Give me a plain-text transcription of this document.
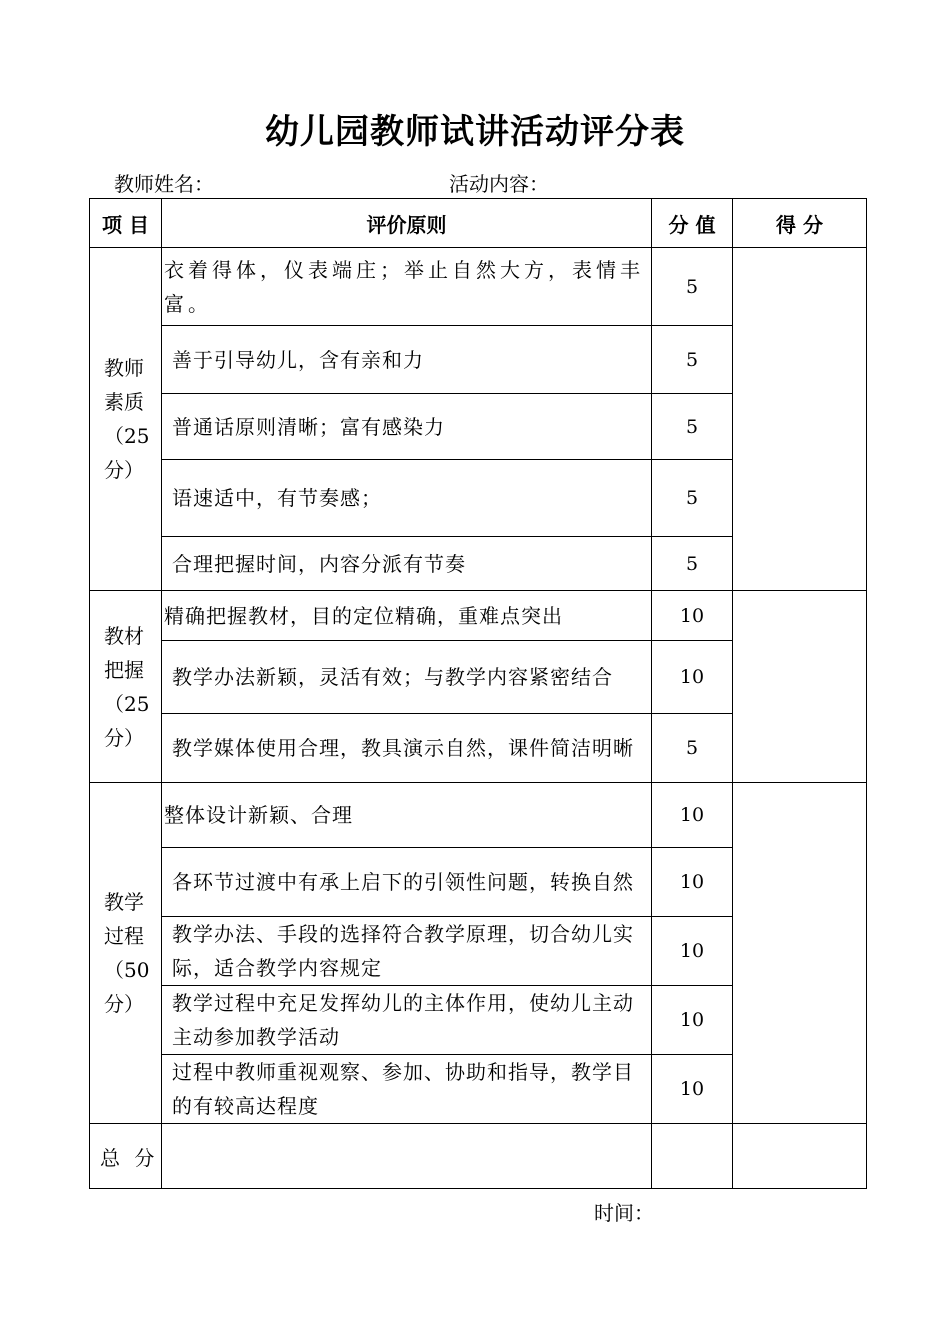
幼儿园教师试讲活动评分表
教师姓名：	活动内容：
项 目	评价原则	分 值	得 分

教师
素质
（25
分）	衣着得体，仪表端庄；举止自然大方，表情丰富。	5	
	善于引导幼儿，含有亲和力	5	
	普通话原则清晰；富有感染力	5	
	语速适中，有节奏感；	5	
	合理把握时间，内容分派有节奏	5	

教材
把握
（25
分）	精确把握教材，目的定位精确，重难点突出	10	
	教学办法新颖，灵活有效；与教学内容紧密结合	10	
	教学媒体使用合理，教具演示自然，课件简洁明晰	5	

教学
过程
（50
分）	整体设计新颖、合理	10	
	各环节过渡中有承上启下的引领性问题，转换自然	10	
	教学办法、手段的选择符合教学原理，切合幼儿实际，适合教学内容规定	10	
	教学过程中充足发挥幼儿的主体作用，使幼儿主动主动参加教学活动	10	
	过程中教师重视观察、参加、协助和指导，教学目的有较高达程度	10	
总 分			
时间：
